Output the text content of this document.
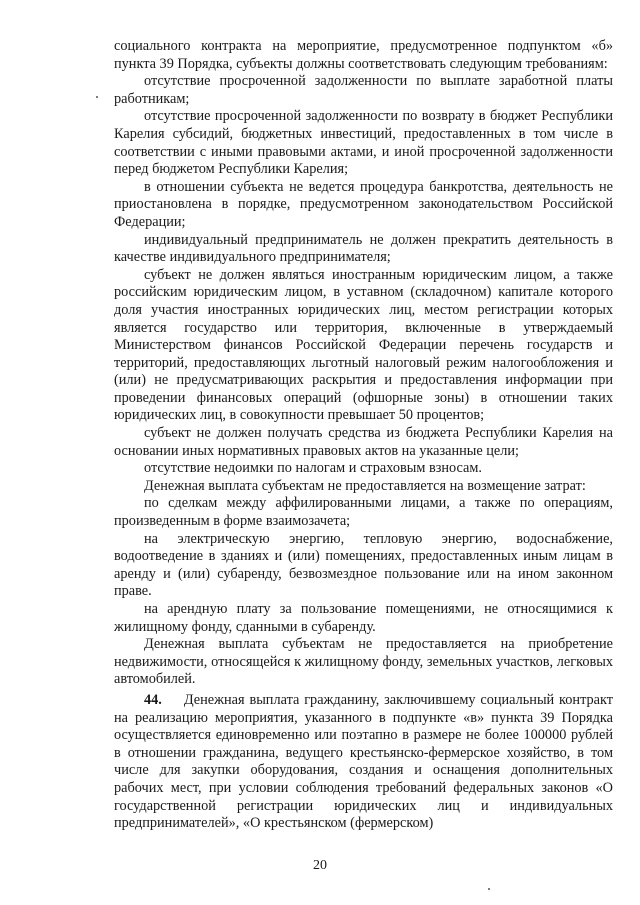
социального контракта на мероприятие, предусмотренное подпунктом «б» пункта 39 Порядка, субъекты должны соответствовать следующим требованиям:

отсутствие просроченной задолженности по выплате заработной платы работникам;

отсутствие просроченной задолженности по возврату в бюджет Республики Карелия субсидий, бюджетных инвестиций, предоставленных в том числе в соответствии с иными правовыми актами, и иной просроченной задолженности перед бюджетом Республики Карелия;

в отношении субъекта не ведется процедура банкротства, деятельность не приостановлена в порядке, предусмотренном законодательством Российской Федерации;

индивидуальный предприниматель не должен прекратить деятельность в качестве индивидуального предпринимателя;

субъект не должен являться иностранным юридическим лицом, а также российским юридическим лицом, в уставном (складочном) капитале которого доля участия иностранных юридических лиц, местом регистрации которых является государство или территория, включенные в утверждаемый Министерством финансов Российской Федерации перечень государств и территорий, предоставляющих льготный налоговый режим налогообложения и (или) не предусматривающих раскрытия и предоставления информации при проведении финансовых операций (офшорные зоны) в отношении таких юридических лиц, в совокупности превышает 50 процентов;

субъект не должен получать средства из бюджета Республики Карелия на основании иных нормативных правовых актов на указанные цели;

отсутствие недоимки по налогам и страховым взносам.

Денежная выплата субъектам не предоставляется на возмещение затрат:

по сделкам между аффилированными лицами, а также по операциям, произведенным в форме взаимозачета;

на электрическую энергию, тепловую энергию, водоснабжение, водоотведение в зданиях и (или) помещениях, предоставленных иным лицам в аренду и (или) субаренду, безвозмездное пользование или на ином законном праве.

на арендную плату за пользование помещениями, не относящимися к жилищному фонду, сданными в субаренду.

Денежная выплата субъектам не предоставляется на приобретение недвижимости, относящейся к жилищному фонду, земельных участков, легковых автомобилей.

44. Денежная выплата гражданину, заключившему социальный контракт на реализацию мероприятия, указанного в подпункте «в» пункта 39 Порядка осуществляется единовременно или поэтапно в размере не более 100000 рублей в отношении гражданина, ведущего крестьянско-фермерское хозяйство, в том числе для закупки оборудования, создания и оснащения дополнительных рабочих мест, при условии соблюдения требований федеральных законов «О государственной регистрации юридических лиц и индивидуальных предпринимателей», «О крестьянском (фермерском)

20
